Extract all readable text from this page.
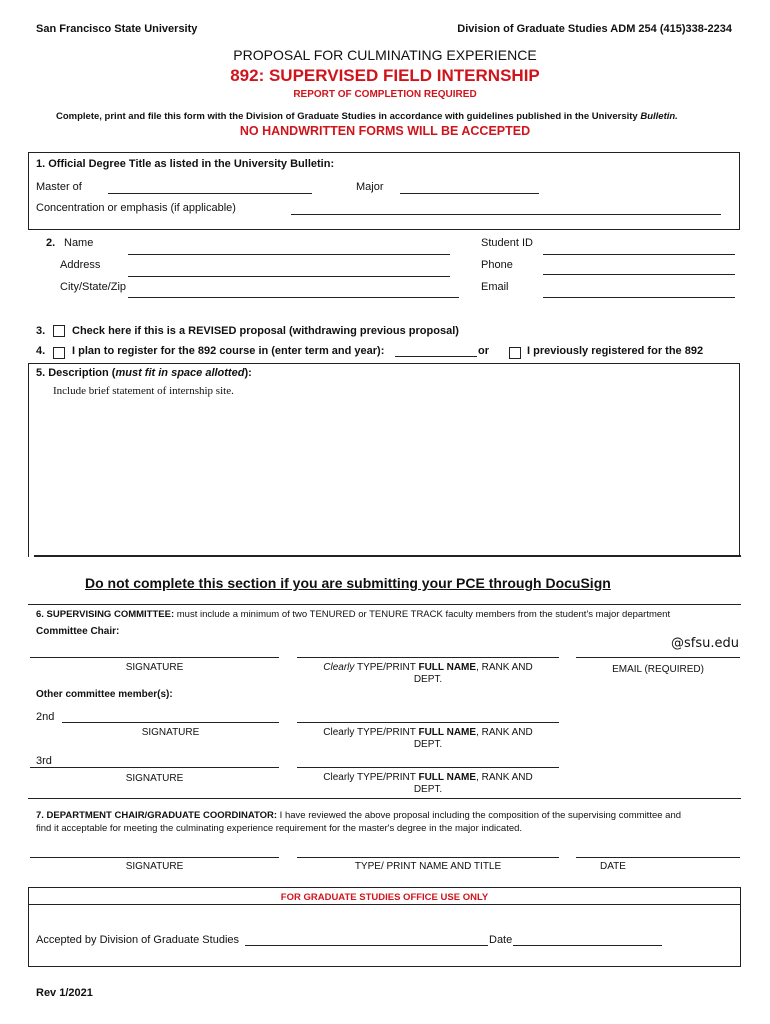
San Francisco State University	Division of Graduate Studies ADM 254 (415)338-2234
PROPOSAL FOR CULMINATING EXPERIENCE
892: SUPERVISED FIELD INTERNSHIP
REPORT OF COMPLETION REQUIRED
Complete, print and file this form with the Division of Graduate Studies in accordance with guidelines published in the University Bulletin.
NO HANDWRITTEN FORMS WILL BE ACCEPTED
1. Official Degree Title as listed in the University Bulletin:
Master of	Major
Concentration or emphasis (if applicable)
2. Name	Student ID
Address	Phone
City/State/Zip	Email
3. Check here if this is a REVISED proposal (withdrawing previous proposal)
4. I plan to register for the 892 course in (enter term and year):	or	I previously registered for the 892
5. Description (must fit in space allotted):
Include brief statement of internship site.
Do not complete this section if you are submitting your PCE through DocuSign
6. SUPERVISING COMMITTEE: must include a minimum of two TENURED or TENURE TRACK faculty members from the student's major department
Committee Chair:
@sfsu.edu
SIGNATURE	Clearly TYPE/PRINT FULL NAME, RANK AND
DEPT.
EMAIL (REQUIRED)
Other committee member(s):
2nd
SIGNATURE	Clearly TYPE/PRINT FULL NAME, RANK AND
DEPT.
3rd
SIGNATURE	Clearly TYPE/PRINT FULL NAME, RANK AND
DEPT.
7. DEPARTMENT CHAIR/GRADUATE COORDINATOR: I have reviewed the above proposal including the composition of the supervising committee and
find it acceptable for meeting the culminating experience requirement for the master's degree in the major indicated.
SIGNATURE	TYPE/ PRINT NAME AND TITLE	DATE
FOR GRADUATE STUDIES OFFICE USE ONLY
Accepted by Division of Graduate Studies	Date
Rev 1/2021
